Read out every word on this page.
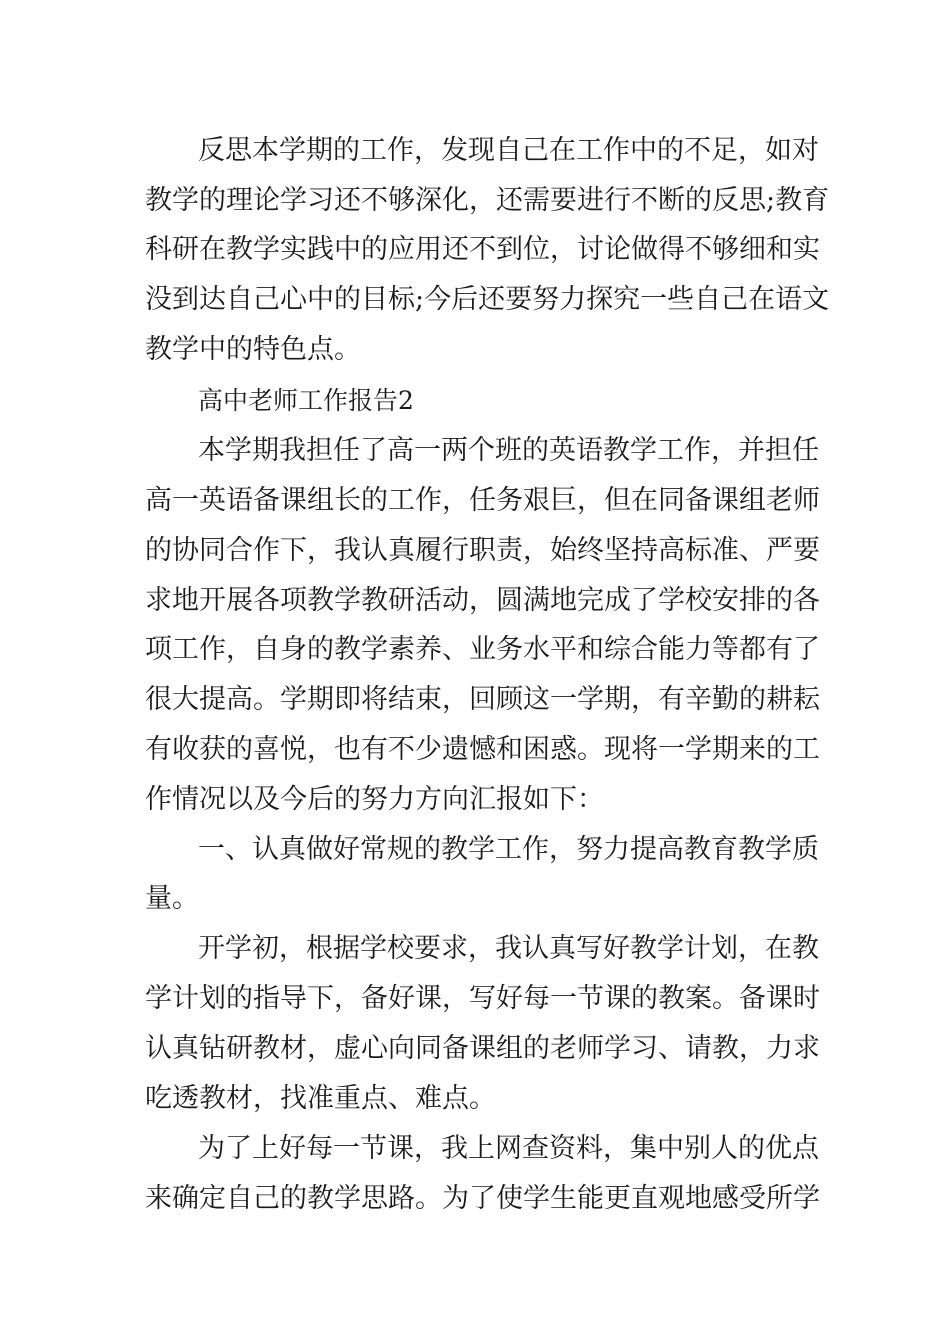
反思本学期的工作，发现自己在工作中的不足，如对
教学的理论学习还不够深化，还需要进行不断的反思;教育
科研在教学实践中的应用还不到位，讨论做得不够细和实
没到达自己心中的目标;今后还要努力探究一些自己在语文
教学中的特色点。
高中老师工作报告2
本学期我担任了高一两个班的英语教学工作，并担任
高一英语备课组长的工作，任务艰巨，但在同备课组老师
的协同合作下，我认真履行职责，始终坚持高标准、严要
求地开展各项教学教研活动，圆满地完成了学校安排的各
项工作，自身的教学素养、业务水平和综合能力等都有了
很大提高。学期即将结束，回顾这一学期，有辛勤的耕耘
有收获的喜悦，也有不少遗憾和困惑。现将一学期来的工
作情况以及今后的努力方向汇报如下：
一、认真做好常规的教学工作，努力提高教育教学质
量。
开学初，根据学校要求，我认真写好教学计划，在教
学计划的指导下，备好课，写好每一节课的教案。备课时
认真钻研教材，虚心向同备课组的老师学习、请教，力求
吃透教材，找准重点、难点。
为了上好每一节课，我上网查资料，集中别人的优点
来确定自己的教学思路。为了使学生能更直观地感受所学
